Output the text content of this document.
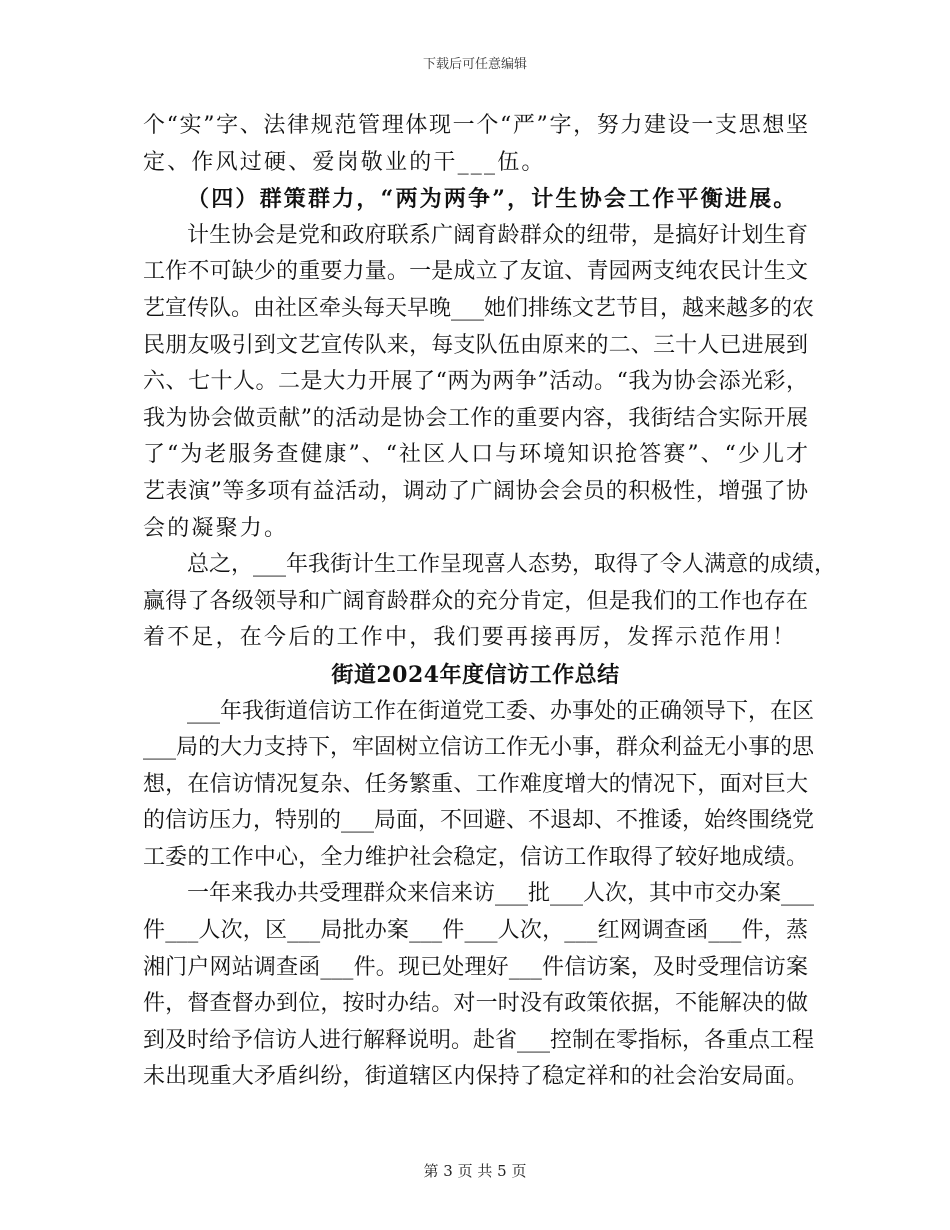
下载后可任意编辑
个“实”字、法律规范管理体现一个“严”字，努力建设一支思想坚
定、作风过硬、爱岗敬业的干___伍。
（四）群策群力，“两为两争”，计生协会工作平衡进展。
计生协会是党和政府联系广阔育龄群众的纽带，是搞好计划生育
工作不可缺少的重要力量。一是成立了友谊、青园两支纯农民计生文
艺宣传队。由社区牵头每天早晚___她们排练文艺节目，越来越多的农
民朋友吸引到文艺宣传队来，每支队伍由原来的二、三十人已进展到
六、七十人。二是大力开展了“两为两争”活动。“我为协会添光彩，
我为协会做贡献”的活动是协会工作的重要内容，我街结合实际开展
了“为老服务查健康”、“社区人口与环境知识抢答赛”、“少儿才
艺表演”等多项有益活动，调动了广阔协会会员的积极性，增强了协
会的凝聚力。
总之，___年我街计生工作呈现喜人态势，取得了令人满意的成绩，
赢得了各级领导和广阔育龄群众的充分肯定，但是我们的工作也存在
着不足，在今后的工作中，我们要再接再厉，发挥示范作用！
街道2024年度信访工作总结
___年我街道信访工作在街道党工委、办事处的正确领导下，在区
___局的大力支持下，牢固树立信访工作无小事，群众利益无小事的思
想，在信访情况复杂、任务繁重、工作难度增大的情况下，面对巨大
的信访压力，特别的___局面，不回避、不退却、不推诿，始终围绕党
工委的工作中心，全力维护社会稳定，信访工作取得了较好地成绩。
一年来我办共受理群众来信来访___批___人次，其中市交办案___
件___人次，区___局批办案___件___人次，___红网调查函___件，蒸
湘门户网站调查函___件。现已处理好___件信访案，及时受理信访案
件，督查督办到位，按时办结。对一时没有政策依据，不能解决的做
到及时给予信访人进行解释说明。赴省___控制在零指标，各重点工程
未出现重大矛盾纠纷，街道辖区内保持了稳定祥和的社会治安局面。
第 3 页 共 5 页
